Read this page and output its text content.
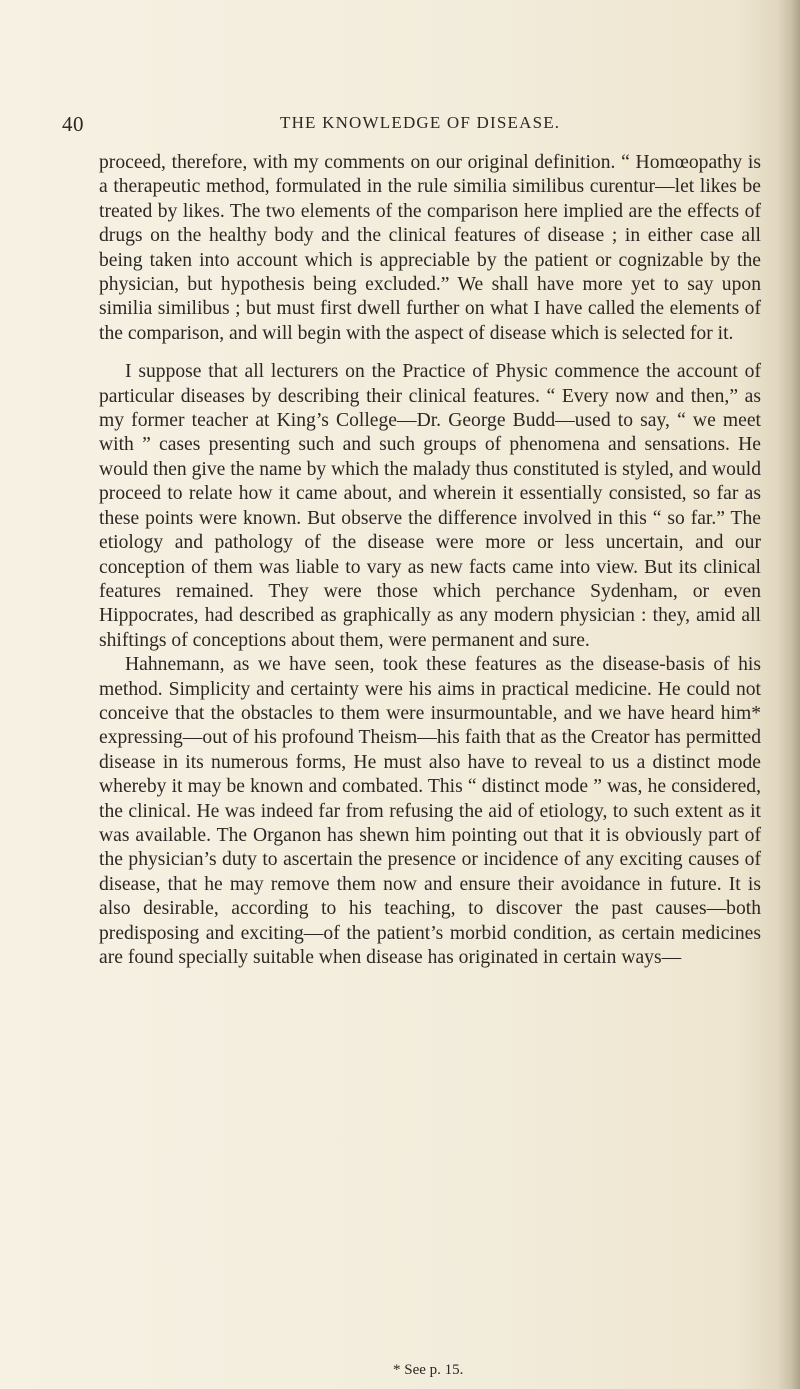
40	THE KNOWLEDGE OF DISEASE.

proceed, therefore, with my comments on our original definition. “ Homœopathy is a therapeutic method, formulated in the rule similia similibus curentur—let likes be treated by likes. The two elements of the comparison here implied are the effects of drugs on the healthy body and the clinical features of disease ; in either case all being taken into account which is appreciable by the patient or cognizable by the physician, but hypothesis being excluded.” We shall have more yet to say upon similia similibus ; but must first dwell further on what I have called the elements of the comparison, and will begin with the aspect of disease which is selected for it.

I suppose that all lecturers on the Practice of Physic commence the account of particular diseases by describing their clinical features. “ Every now and then,” as my former teacher at King’s College—Dr. George Budd—used to say, “ we meet with ” cases presenting such and such groups of phenomena and sensations. He would then give the name by which the malady thus constituted is styled, and would proceed to relate how it came about, and wherein it essentially consisted, so far as these points were known. But observe the difference involved in this “ so far.” The etiology and pathology of the disease were more or less uncertain, and our conception of them was liable to vary as new facts came into view. But its clinical features remained. They were those which perchance Sydenham, or even Hippocrates, had described as graphically as any modern physician : they, amid all shiftings of conceptions about them, were permanent and sure.

Hahnemann, as we have seen, took these features as the disease-basis of his method. Simplicity and certainty were his aims in practical medicine. He could not conceive that the obstacles to them were insurmountable, and we have heard him* expressing—out of his profound Theism—his faith that as the Creator has permitted disease in its numerous forms, He must also have to reveal to us a distinct mode whereby it may be known and combated. This “ distinct mode ” was, he considered, the clinical. He was indeed far from refusing the aid of etiology, to such extent as it was available. The Organon has shewn him pointing out that it is obviously part of the physician’s duty to ascertain the presence or incidence of any exciting causes of disease, that he may remove them now and ensure their avoidance in future. It is also desirable, according to his teaching, to discover the past causes—both predisposing and exciting—of the patient’s morbid condition, as certain medicines are found specially suitable when disease has originated in certain ways—

* See p. 15.
